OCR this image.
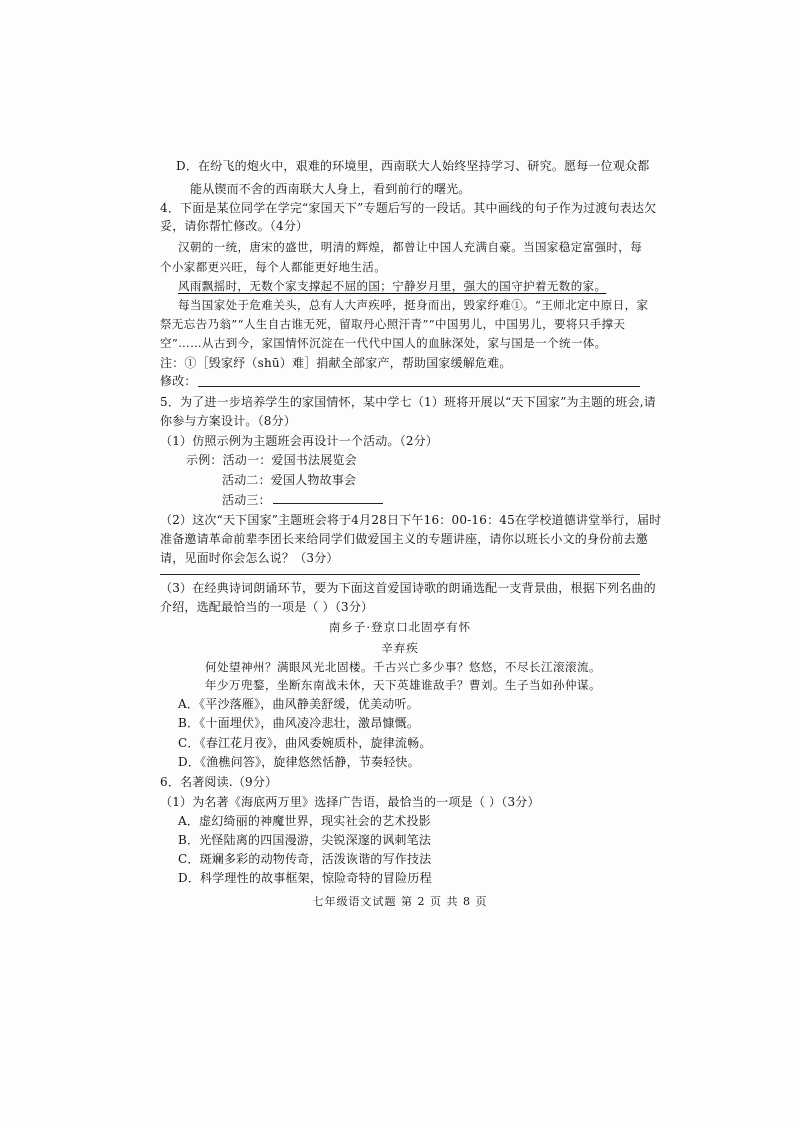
D．在纷飞的炮火中，艰难的环境里，西南联大人始终坚持学习、研究。愿每一位观众都
能从锲而不舍的西南联大人身上，看到前行的曙光。
4．下面是某位同学在学完“家国天下”专题后写的一段话。其中画线的句子作为过渡句表达欠
妥，请你帮忙修改。（4分）
汉朝的一统，唐宋的盛世，明清的辉煌，都曾让中国人充满自豪。当国家稳定富强时，每
个小家都更兴旺，每个人都能更好地生活。
风雨飘摇时，无数个家支撑起不屈的国；宁静岁月里，强大的国守护着无数的家。
每当国家处于危难关头，总有人大声疾呼，挺身而出，毁家纾难①。“王师北定中原日，家
祭无忘告乃翁”“人生自古谁无死，留取丹心照汗青”“中国男儿，中国男儿，要将只手撑天
空”……从古到今，家国情怀沉淀在一代代中国人的血脉深处，家与国是一个统一体。
注：①［毁家纾（shū）难］捐献全部家产，帮助国家缓解危难。
修改：
5．为了进一步培养学生的家国情怀，某中学七（1）班将开展以“天下国家”为主题的班会,请
你参与方案设计。（8分）
（1）仿照示例为主题班会再设计一个活动。（2分）
示例：活动一：爱国书法展览会
活动二：爱国人物故事会
活动三：
（2）这次“天下国家”主题班会将于4月28日下午16：00-16：45在学校道德讲堂举行，届时
准备邀请革命前辈李团长来给同学们做爱国主义的专题讲座，请你以班长小文的身份前去邀
请，见面时你会怎么说？（3分）
（3）在经典诗词朗诵环节，要为下面这首爱国诗歌的朗诵选配一支背景曲，根据下列名曲的
介绍，选配最恰当的一项是（ ）（3分）
南乡子·登京口北固亭有怀
辛弃疾
何处望神州？满眼风光北固楼。千古兴亡多少事？悠悠，不尽长江滚滚流。
年少万兜鍪，坐断东南战未休，天下英雄谁敌手？曹刘。生子当如孙仲谋。
A．《平沙落雁》，曲风静美舒缓，优美动听。
B．《十面埋伏》，曲风凌冷悲壮，激昂慷慨。
C．《春江花月夜》，曲风委婉质朴，旋律流畅。
D．《渔樵问答》，旋律悠然恬静，节奏轻快。
6．名著阅读.（9分）
（1）为名著《海底两万里》选择广告语，最恰当的一项是（ ）（3分）
A．虚幻绮丽的神魔世界，现实社会的艺术投影
B．光怪陆离的四国漫游，尖锐深邃的讽刺笔法
C．斑斓多彩的动物传奇，活泼诙谐的写作技法
D．科学理性的故事框架，惊险奇特的冒险历程
七年级语文试题 第 2 页 共 8 页
